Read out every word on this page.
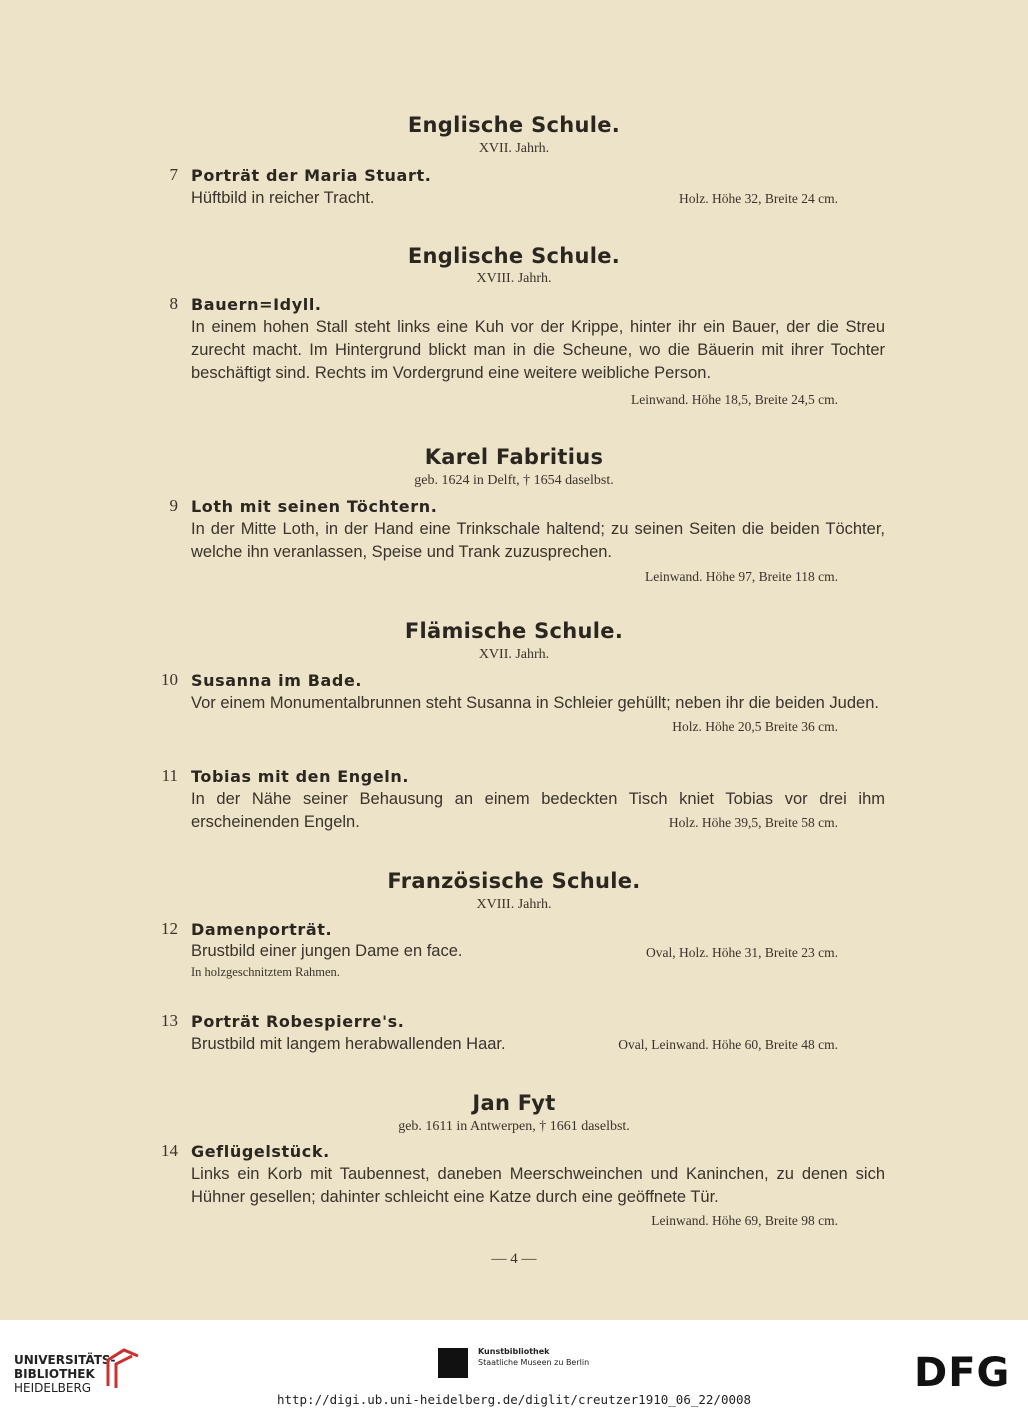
Englische Schule.
XVII. Jahrh.
7 Porträt der Maria Stuart.
Hüftbild in reicher Tracht.	Holz. Höhe 32, Breite 24 cm.
Englische Schule.
XVIII. Jahrh.
8 Bauern=Idyll.
In einem hohen Stall steht links eine Kuh vor der Krippe, hinter ihr ein Bauer, der die Streu zurecht macht. Im Hintergrund blickt man in die Scheune, wo die Bäuerin mit ihrer Tochter beschäftigt sind. Rechts im Vordergrund eine weitere weibliche Person.
Leinwand. Höhe 18,5, Breite 24,5 cm.
Karel Fabritius
geb. 1624 in Delft, † 1654 daselbst.
9 Loth mit seinen Töchtern.
In der Mitte Loth, in der Hand eine Trinkschale haltend; zu seinen Seiten die beiden Töchter, welche ihn veranlassen, Speise und Trank zuzusprechen.
Leinwand. Höhe 97, Breite 118 cm.
Flämische Schule.
XVII. Jahrh.
10 Susanna im Bade.
Vor einem Monumentalbrunnen steht Susanna in Schleier gehüllt; neben ihr die beiden Juden.
Holz. Höhe 20,5 Breite 36 cm.
11 Tobias mit den Engeln.
In der Nähe seiner Behausung an einem bedeckten Tisch kniet Tobias vor drei ihm erscheinenden Engeln.	Holz. Höhe 39,5, Breite 58 cm.
Französische Schule.
XVIII. Jahrh.
12 Damenporträt.
Brustbild einer jungen Dame en face.	Oval, Holz. Höhe 31, Breite 23 cm.
In holzgeschnitztem Rahmen.
13 Porträt Robespierre's.
Brustbild mit langem herabwallenden Haar.	Oval, Leinwand. Höhe 60, Breite 48 cm.
Jan Fyt
geb. 1611 in Antwerpen, † 1661 daselbst.
14 Geflügelstück.
Links ein Korb mit Taubennest, daneben Meerschweinchen und Kaninchen, zu denen sich Hühner gesellen; dahinter schleicht eine Katze durch eine geöffnete Tür.
Leinwand. Höhe 69, Breite 98 cm.
— 4 —
UNIVERSITÄTS-
BIBLIOTHEK
HEIDELBERG
Kunstbibliothek
Staatliche Museen zu Berlin	DFG
http://digi.ub.uni-heidelberg.de/diglit/creutzer1910_06_22/0008
